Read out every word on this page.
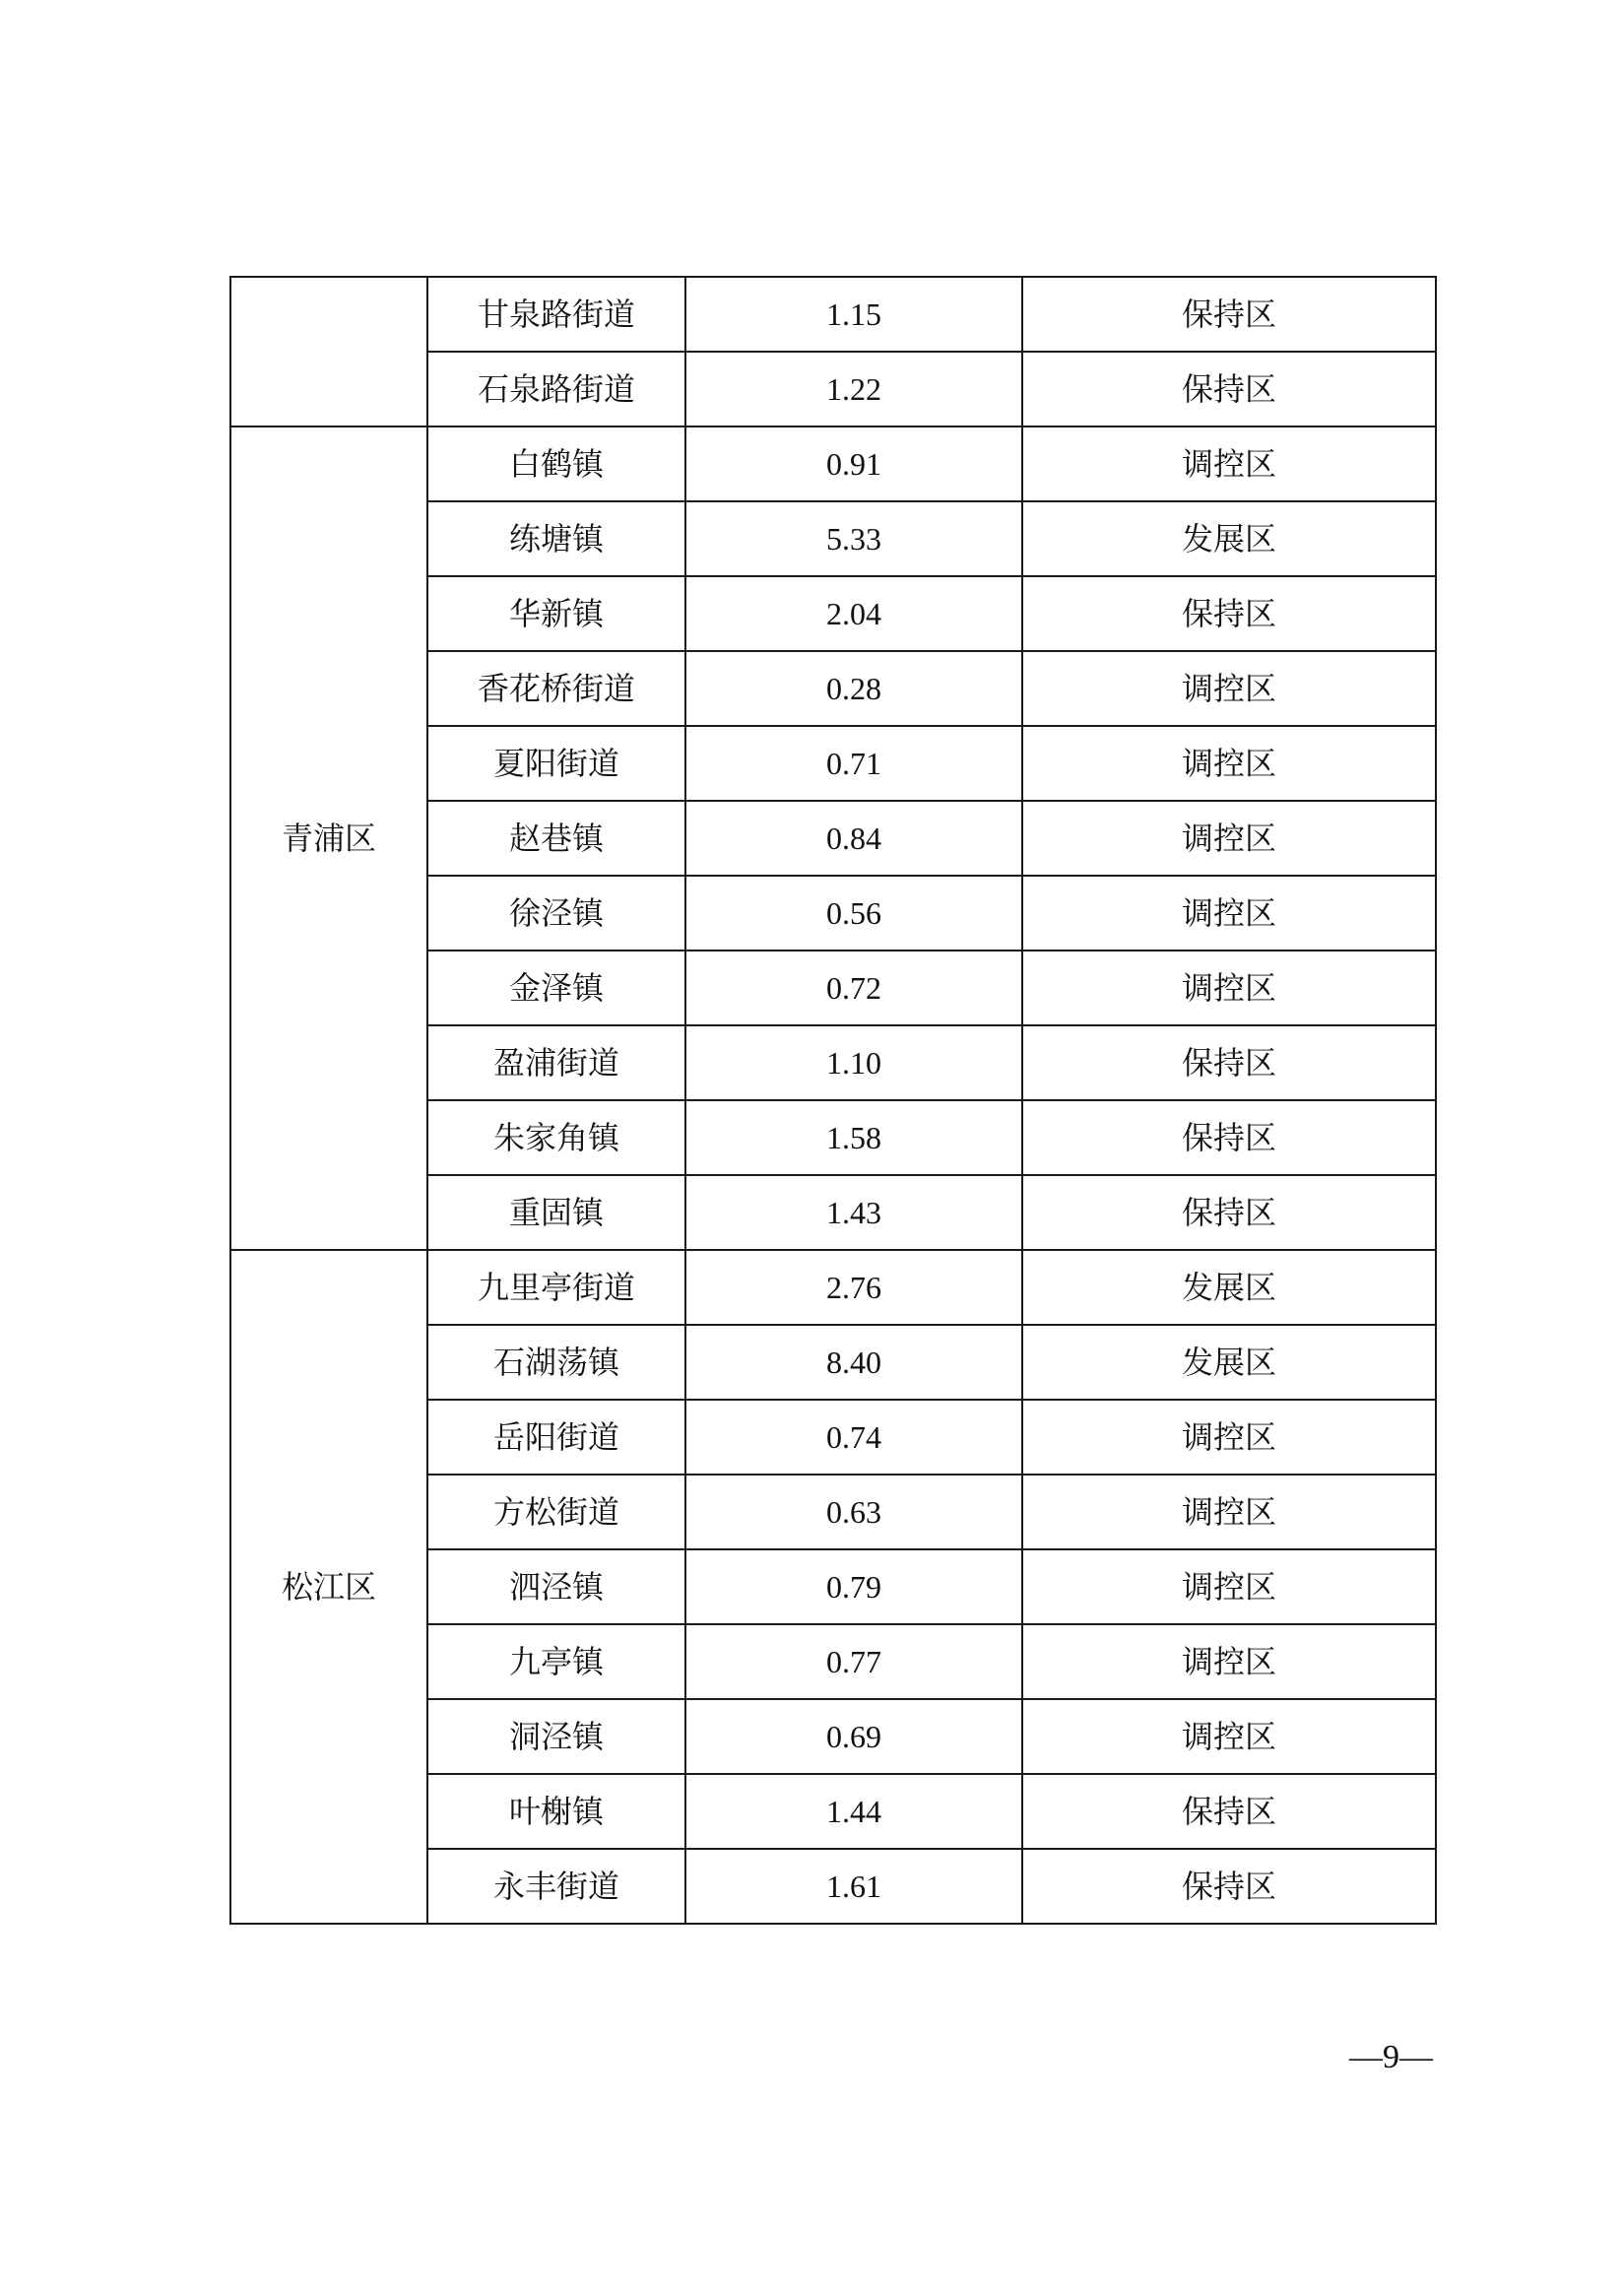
	甘泉路街道	1.15	保持区
	石泉路街道	1.22	保持区
青浦区	白鹤镇	0.91	调控区
	练塘镇	5.33	发展区
	华新镇	2.04	保持区
	香花桥街道	0.28	调控区
	夏阳街道	0.71	调控区
	赵巷镇	0.84	调控区
	徐泾镇	0.56	调控区
	金泽镇	0.72	调控区
	盈浦街道	1.10	保持区
	朱家角镇	1.58	保持区
	重固镇	1.43	保持区
松江区	九里亭街道	2.76	发展区
	石湖荡镇	8.40	发展区
	岳阳街道	0.74	调控区
	方松街道	0.63	调控区
	泗泾镇	0.79	调控区
	九亭镇	0.77	调控区
	洞泾镇	0.69	调控区
	叶榭镇	1.44	保持区
	永丰街道	1.61	保持区
—9—
